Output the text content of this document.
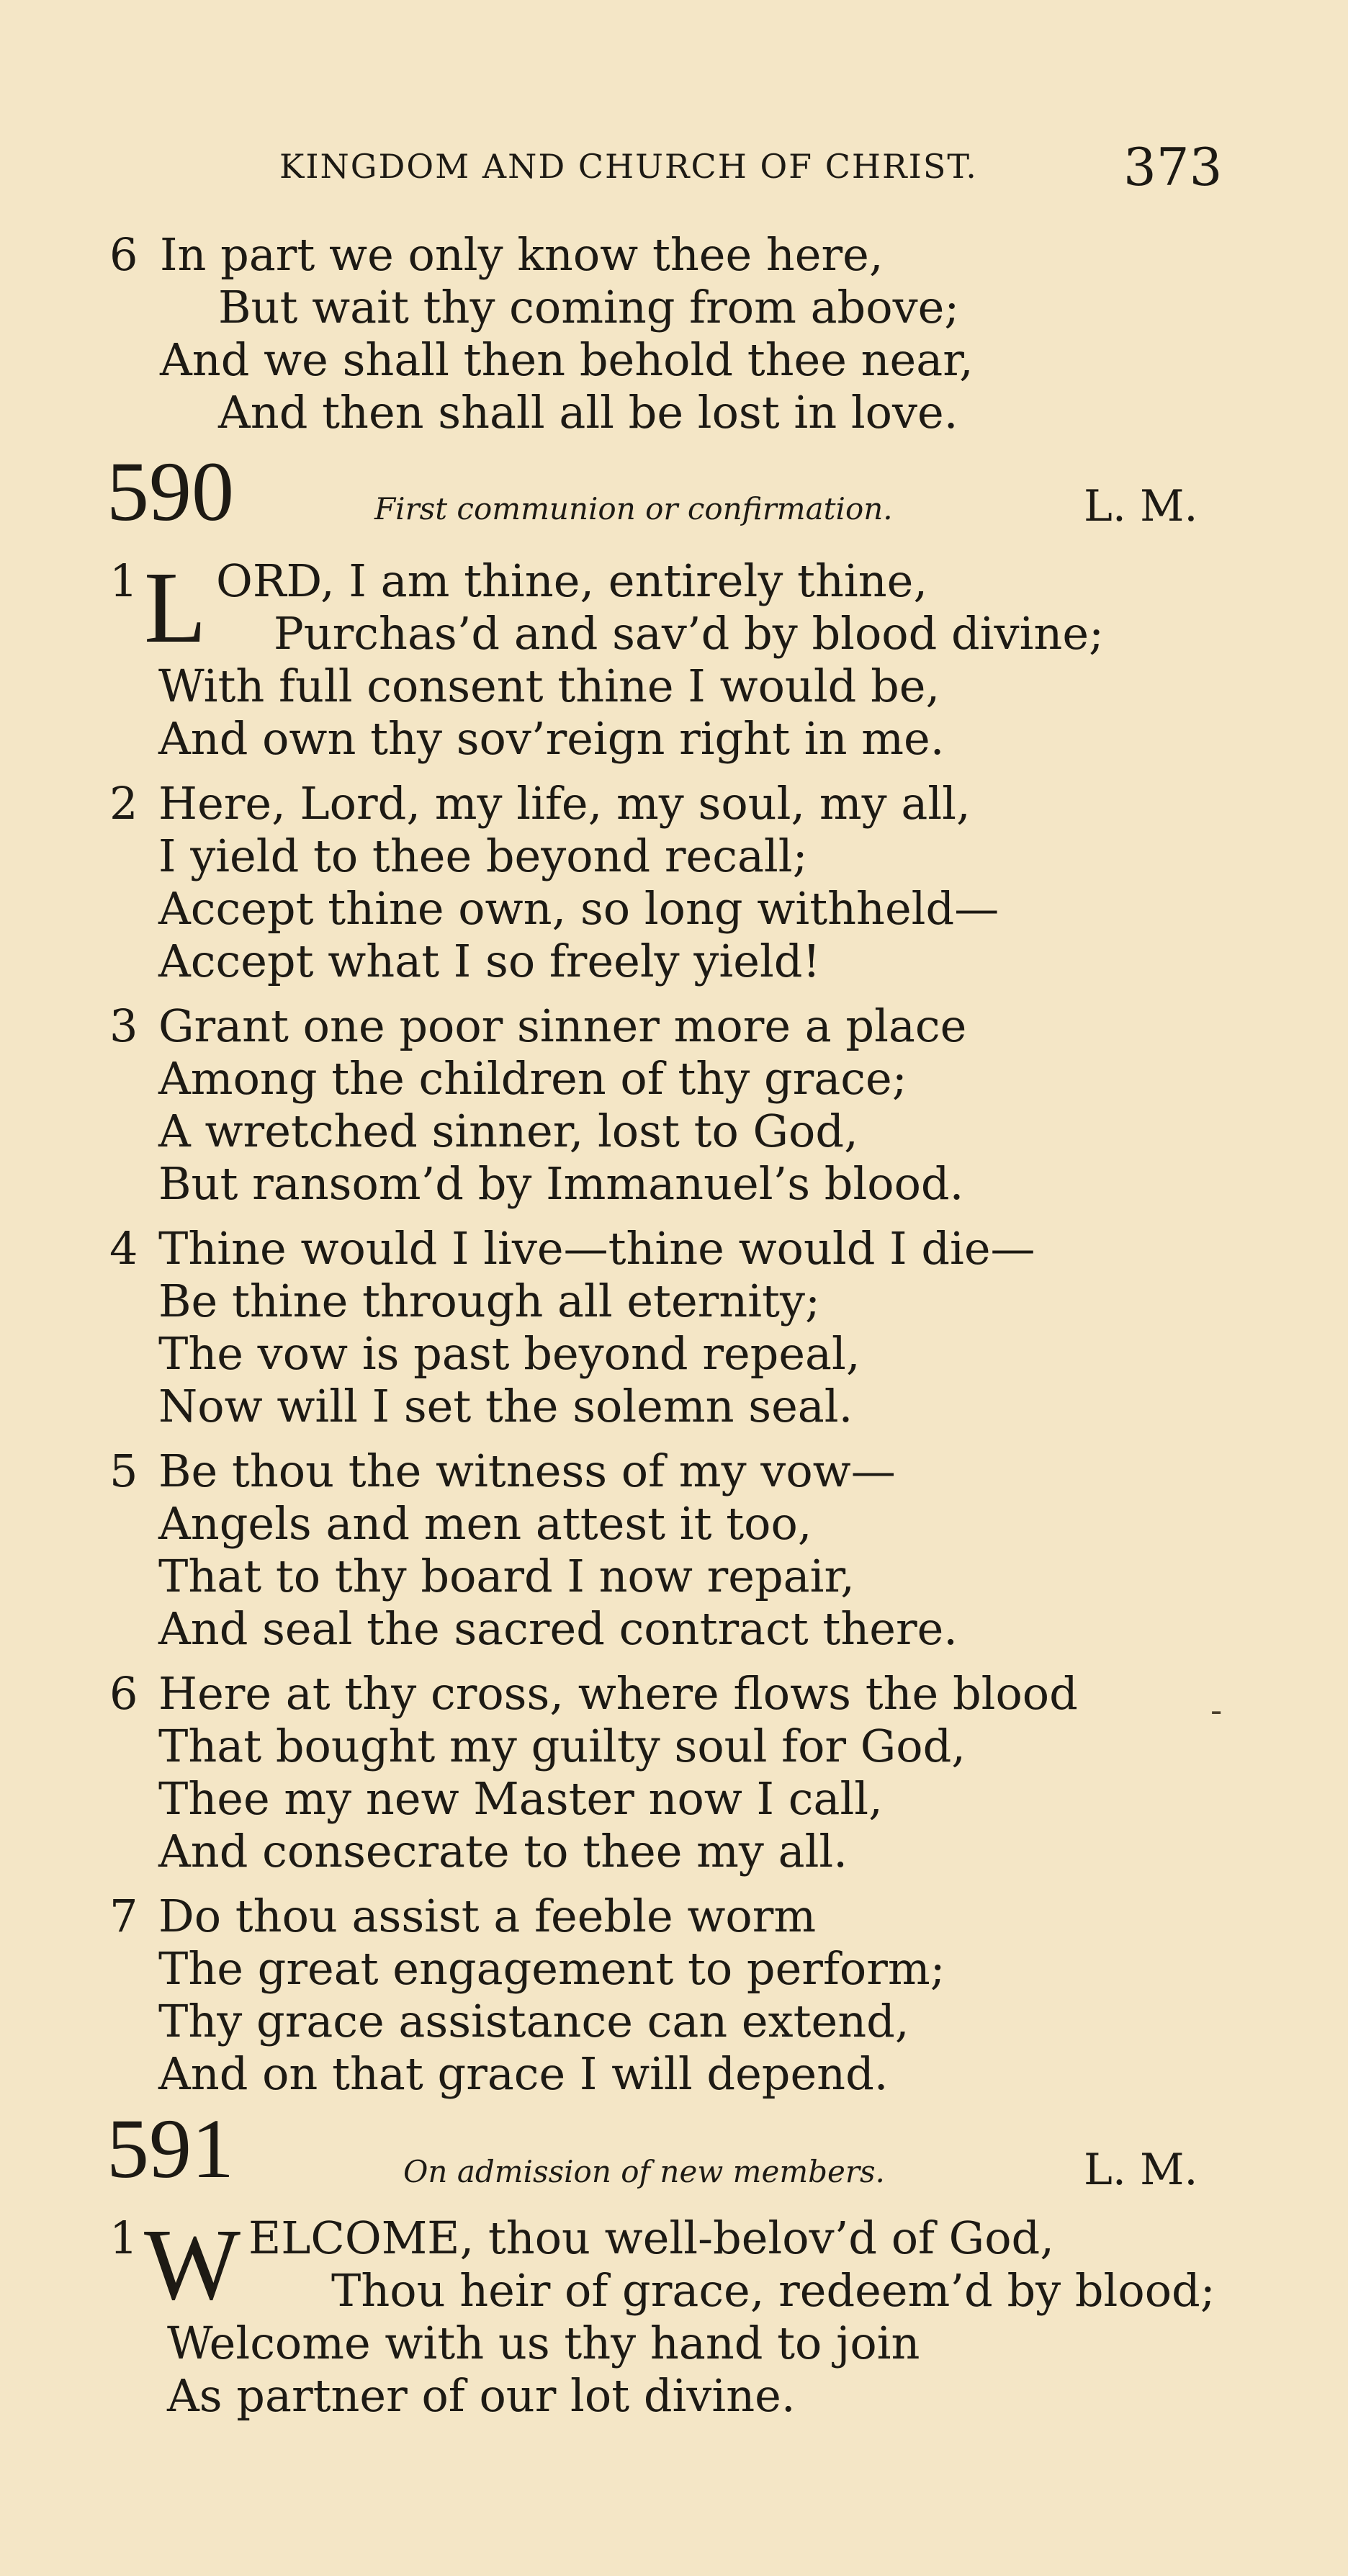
KINGDOM AND CHURCH OF CHRIST.	373
6 In part we only know thee here,
But wait thy coming from above;
And we shall then behold thee near,
And then shall all be lost in love.
590	First communion or confirmation.	L. M.
1 L ORD, I am thine, entirely thine,
Purchas’d and sav’d by blood divine;
With full consent thine I would be,
And own thy sov’reign right in me.
2 Here, Lord, my life, my soul, my all,
I yield to thee beyond recall;
Accept thine own, so long withheld—
Accept what I so freely yield!
3 Grant one poor sinner more a place
Among the children of thy grace;
A wretched sinner, lost to God,
But ransom’d by Immanuel’s blood.
4 Thine would I live—thine would I die—
Be thine through all eternity;
The vow is past beyond repeal,
Now will I set the solemn seal.
5 Be thou the witness of my vow—
Angels and men attest it too,
That to thy board I now repair,
And seal the sacred contract there.
6 Here at thy cross, where flows the blood
That bought my guilty soul for God,
Thee my new Master now I call,
And consecrate to thee my all.
7 Do thou assist a feeble worm
The great engagement to perform;
Thy grace assistance can extend,
And on that grace I will depend.
591	On admission of new members.	L. M.
1 W ELCOME, thou well-belov’d of God,
Thou heir of grace, redeem’d by blood;
Welcome with us thy hand to join
As partner of our lot divine.
-
